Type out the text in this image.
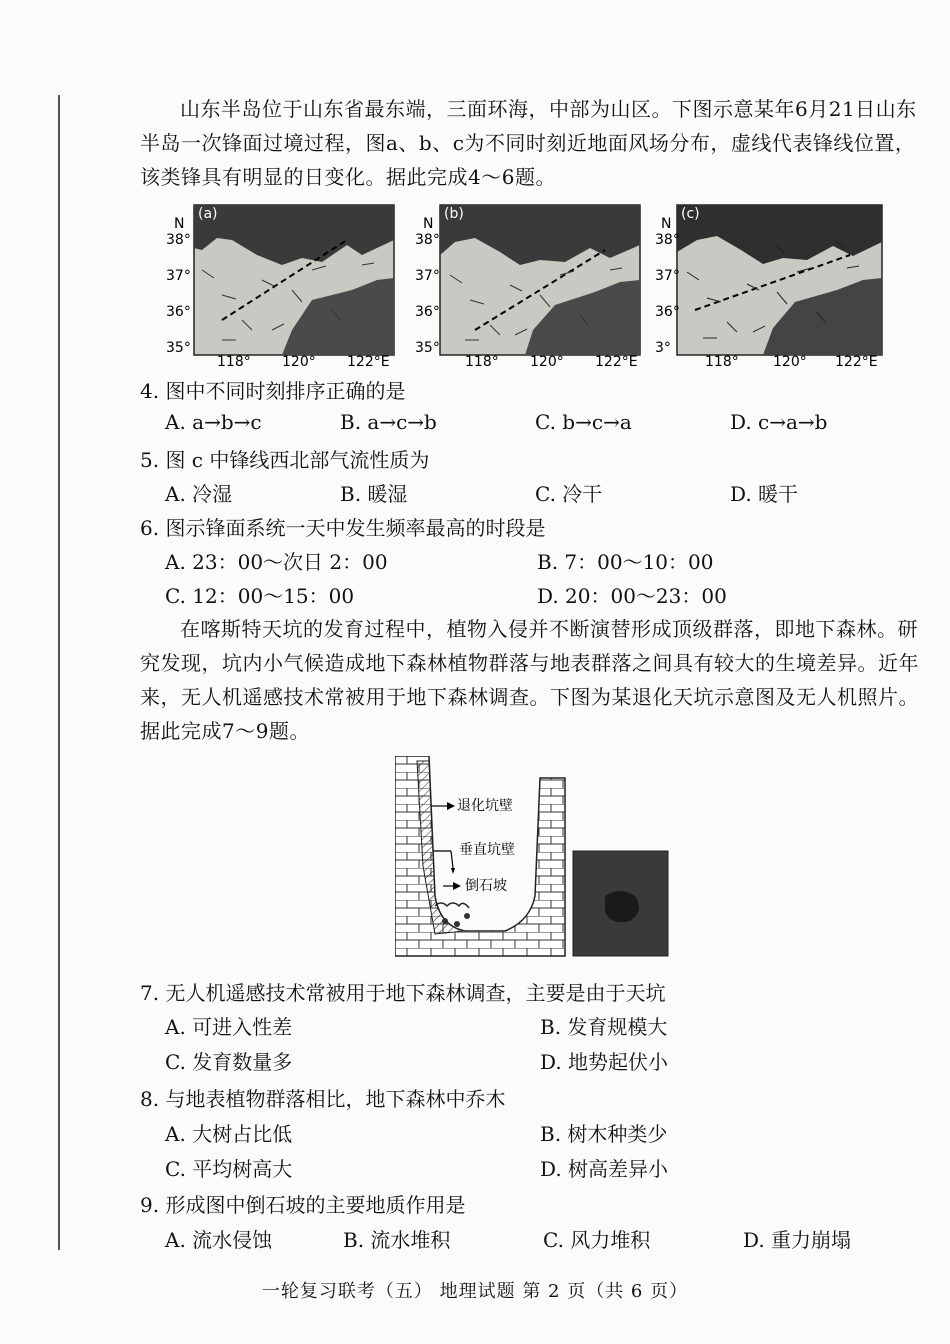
山东半岛位于山东省最东端，三面环海，中部为山区。下图示意某年6月21日山东半岛一次锋面过境过程，图a、b、c为不同时刻近地面风场分布，虚线代表锋线位置，该类锋具有明显的日变化。据此完成4～6题。

(a)
N
38°
37°
36°
35°
118° 120° 122°E
(b)
N
38°
37°
36°
35°
118° 120° 122°E
(c)
N
38°
37°
36°
3°
118° 120° 122°E
4. 图中不同时刻排序正确的是
A. a→b→c	B. a→c→b	C. b→c→a	D. c→a→b
5. 图 c 中锋线西北部气流性质为
A. 冷湿	B. 暖湿	C. 冷干	D. 暖干
6. 图示锋面系统一天中发生频率最高的时段是
A. 23：00～次日 2：00	B. 7：00～10：00
C. 12：00～15：00	D. 20：00～23：00

在喀斯特天坑的发育过程中，植物入侵并不断演替形成顶级群落，即地下森林。研究发现，坑内小气候造成地下森林植物群落与地表群落之间具有较大的生境差异。近年来，无人机遥感技术常被用于地下森林调查。下图为某退化天坑示意图及无人机照片。据此完成7～9题。

退化坑壁
垂直坑壁
倒石坡
7. 无人机遥感技术常被用于地下森林调查，主要是由于天坑
A. 可进入性差	B. 发育规模大
C. 发育数量多	D. 地势起伏小
8. 与地表植物群落相比，地下森林中乔木
A. 大树占比低	B. 树木种类少
C. 平均树高大	D. 树高差异小
9. 形成图中倒石坡的主要地质作用是
A. 流水侵蚀	B. 流水堆积	C. 风力堆积	D. 重力崩塌
一轮复习联考（五） 地理试题 第 2 页（共 6 页）
